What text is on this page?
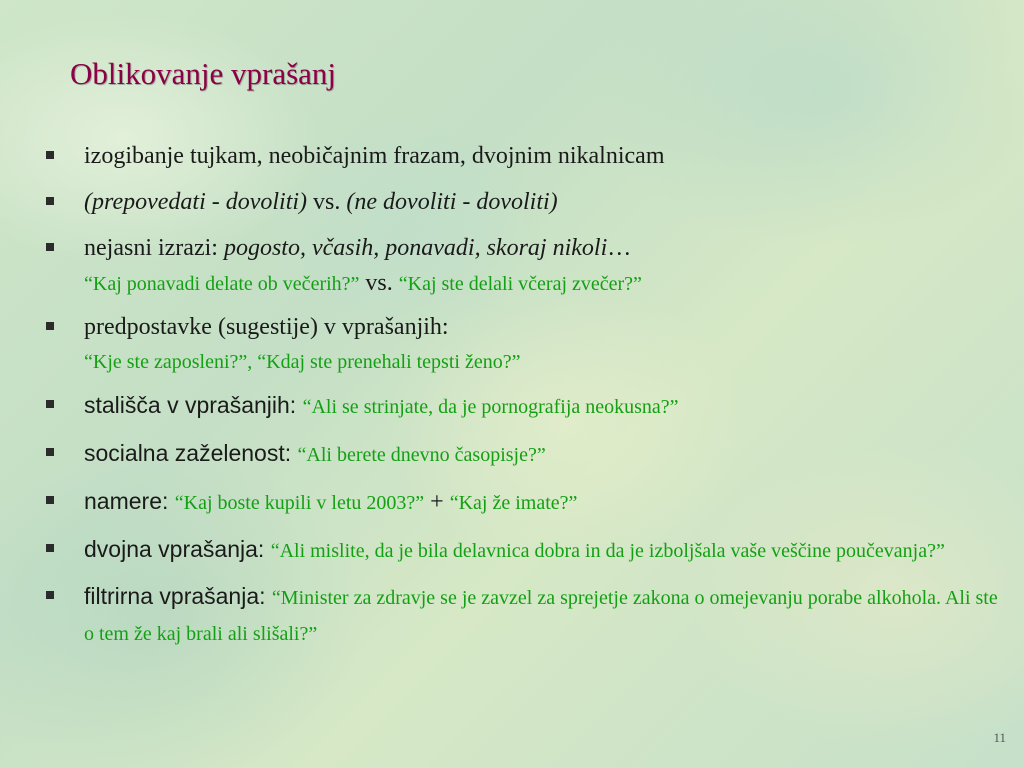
Oblikovanje vprašanj
izogibanje tujkam, neobičajnim frazam, dvojnim nikalnicam
(prepovedati - dovoliti) vs. (ne dovoliti - dovoliti)
nejasni izrazi: pogosto, včasih, ponavadi, skoraj nikoli…
“Kaj ponavadi delate ob večerih?” vs. “Kaj ste delali včeraj zvečer?”
predpostavke (sugestije) v vprašanjih:
“Kje ste zaposleni?”, “Kdaj ste prenehali tepsti ženo?”
stališča v vprašanjih: “Ali se strinjate, da je pornografija neokusna?”
socialna zaželenost: “Ali berete dnevno časopisje?”
namere: “Kaj boste kupili v letu 2003?” + “Kaj že imate?”
dvojna vprašanja: “Ali mislite, da je bila delavnica dobra in da je izboljšala vaše veščine poučevanja?”
filtrirna vprašanja: “Minister za zdravje se je zavzel za sprejetje zakona o omejevanju porabe alkohola. Ali ste o tem že kaj brali ali slišali?”
11
